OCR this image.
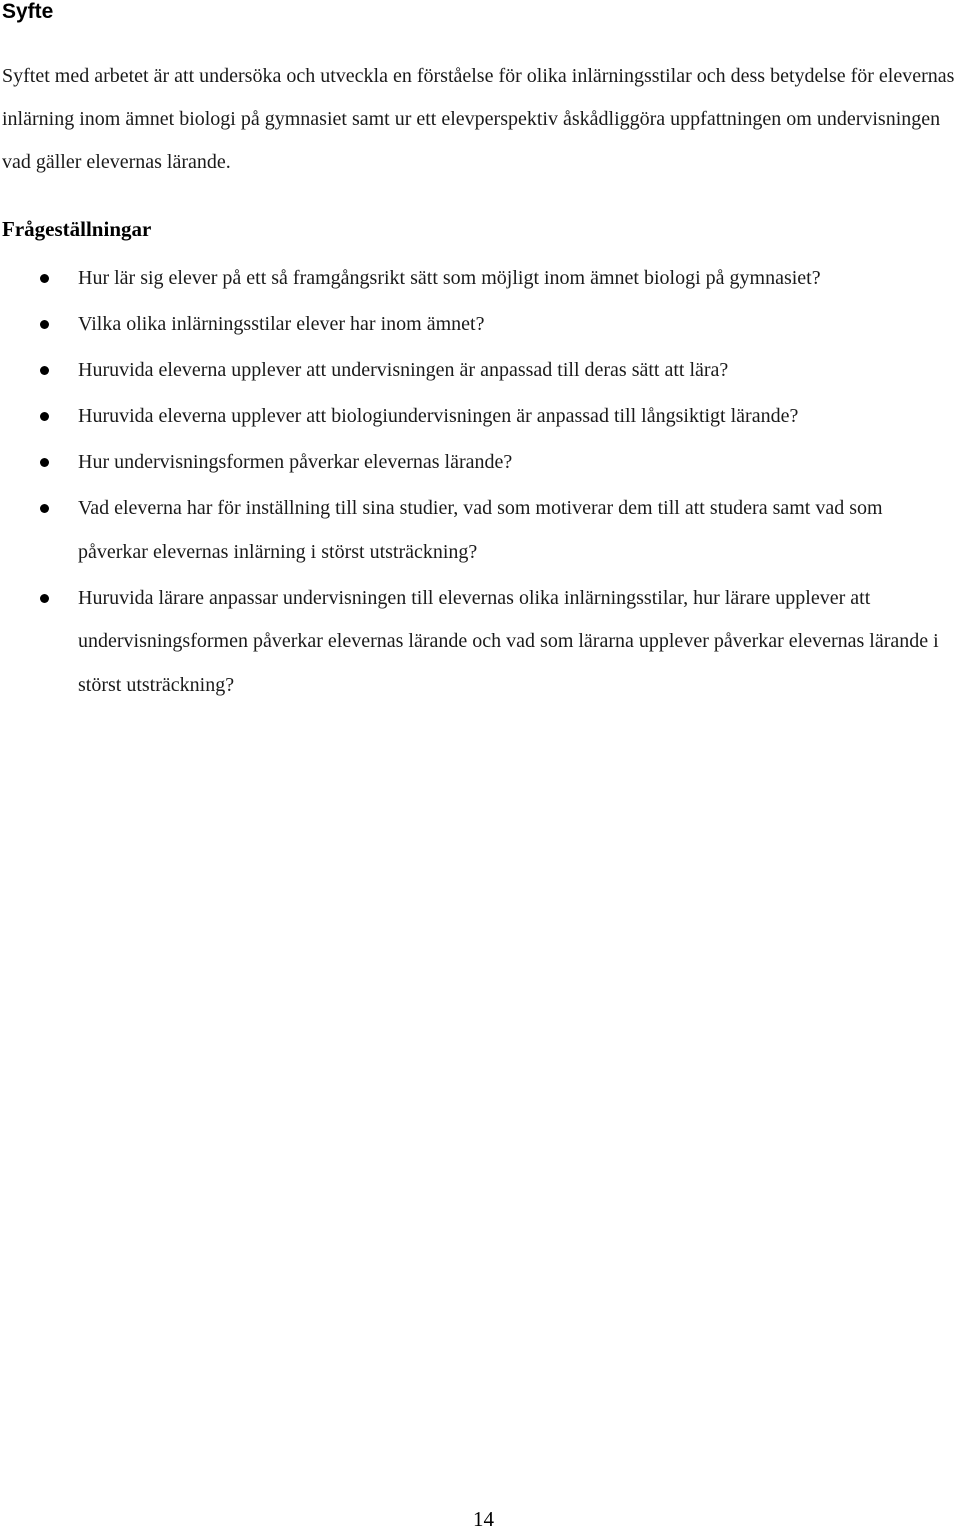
Syfte

Syftet med arbetet är att undersöka och utveckla en förståelse för olika inlärningsstilar och dess betydelse för elevernas inlärning inom ämnet biologi på gymnasiet samt ur ett elevperspektiv åskådliggöra uppfattningen om undervisningen vad gäller elevernas lärande.

Frågeställningar
Hur lär sig elever på ett så framgångsrikt sätt som möjligt inom ämnet biologi på gymnasiet?
Vilka olika inlärningsstilar elever har inom ämnet?
Huruvida eleverna upplever att undervisningen är anpassad till deras sätt att lära?
Huruvida eleverna upplever att biologiundervisningen är anpassad till långsiktigt lärande?
Hur undervisningsformen påverkar elevernas lärande?
Vad eleverna har för inställning till sina studier, vad som motiverar dem till att studera samt vad som påverkar elevernas inlärning i störst utsträckning?
Huruvida lärare anpassar undervisningen till elevernas olika inlärningsstilar, hur lärare upplever att undervisningsformen påverkar elevernas lärande och vad som lärarna upplever påverkar elevernas lärande i störst utsträckning?

14
